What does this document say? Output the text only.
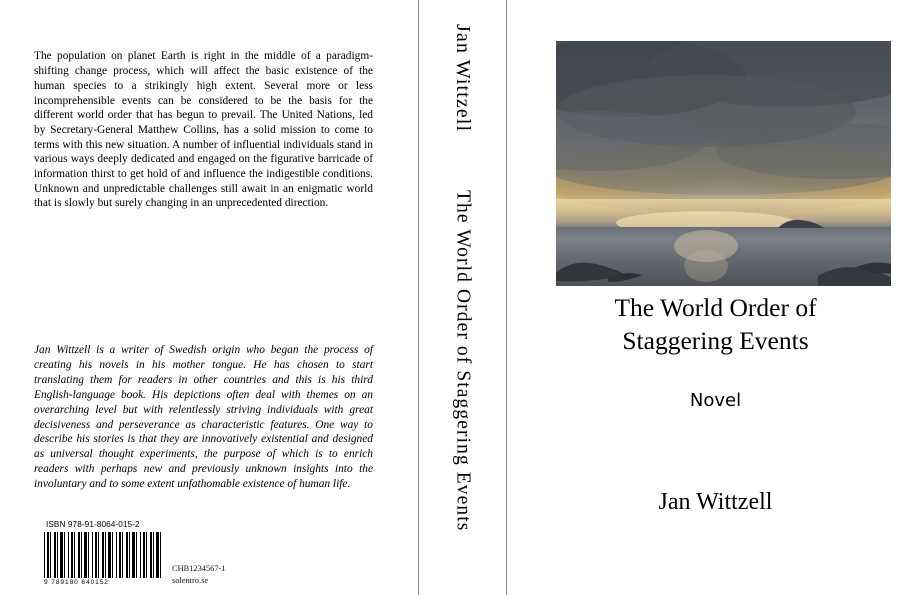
The population on planet Earth is right in the middle of a paradigm-shifting change process, which will affect the basic existence of the human species to a strikingly high extent. Several more or less incomprehensible events can be considered to be the basis for the different world order that has begun to prevail. The United Nations, led by Secretary-General Matthew Collins, has a solid mission to come to terms with this new situation. A number of influential individuals stand in various ways deeply dedicated and engaged on the figurative barricade of information thirst to get hold of and influence the indigestible conditions. Unknown and unpredictable challenges still await in an enigmatic world that is slowly but surely changing in an unprecedented direction.

Jan Wittzell is a writer of Swedish origin who began the process of creating his novels in his mother tongue. He has chosen to start translating them for readers in other countries and this is his third English-language book. His depictions often deal with themes on an overarching level but with relentlessly striving individuals with great decisiveness and perseverance as characteristic features. One way to describe his stories is that they are innovatively existential and designed as universal thought experiments, the purpose of which is to enrich readers with perhaps new and previously unknown insights into the involuntary and to some extent unfathomable existence of human life.

ISBN 978-91-8064-015-2
9 789180 640152
CHB1234567-1
solentro.se
Jan Wittzell
The World Order of Staggering Events	The World Order of
Staggering Events
Novel
Jan Wittzell
